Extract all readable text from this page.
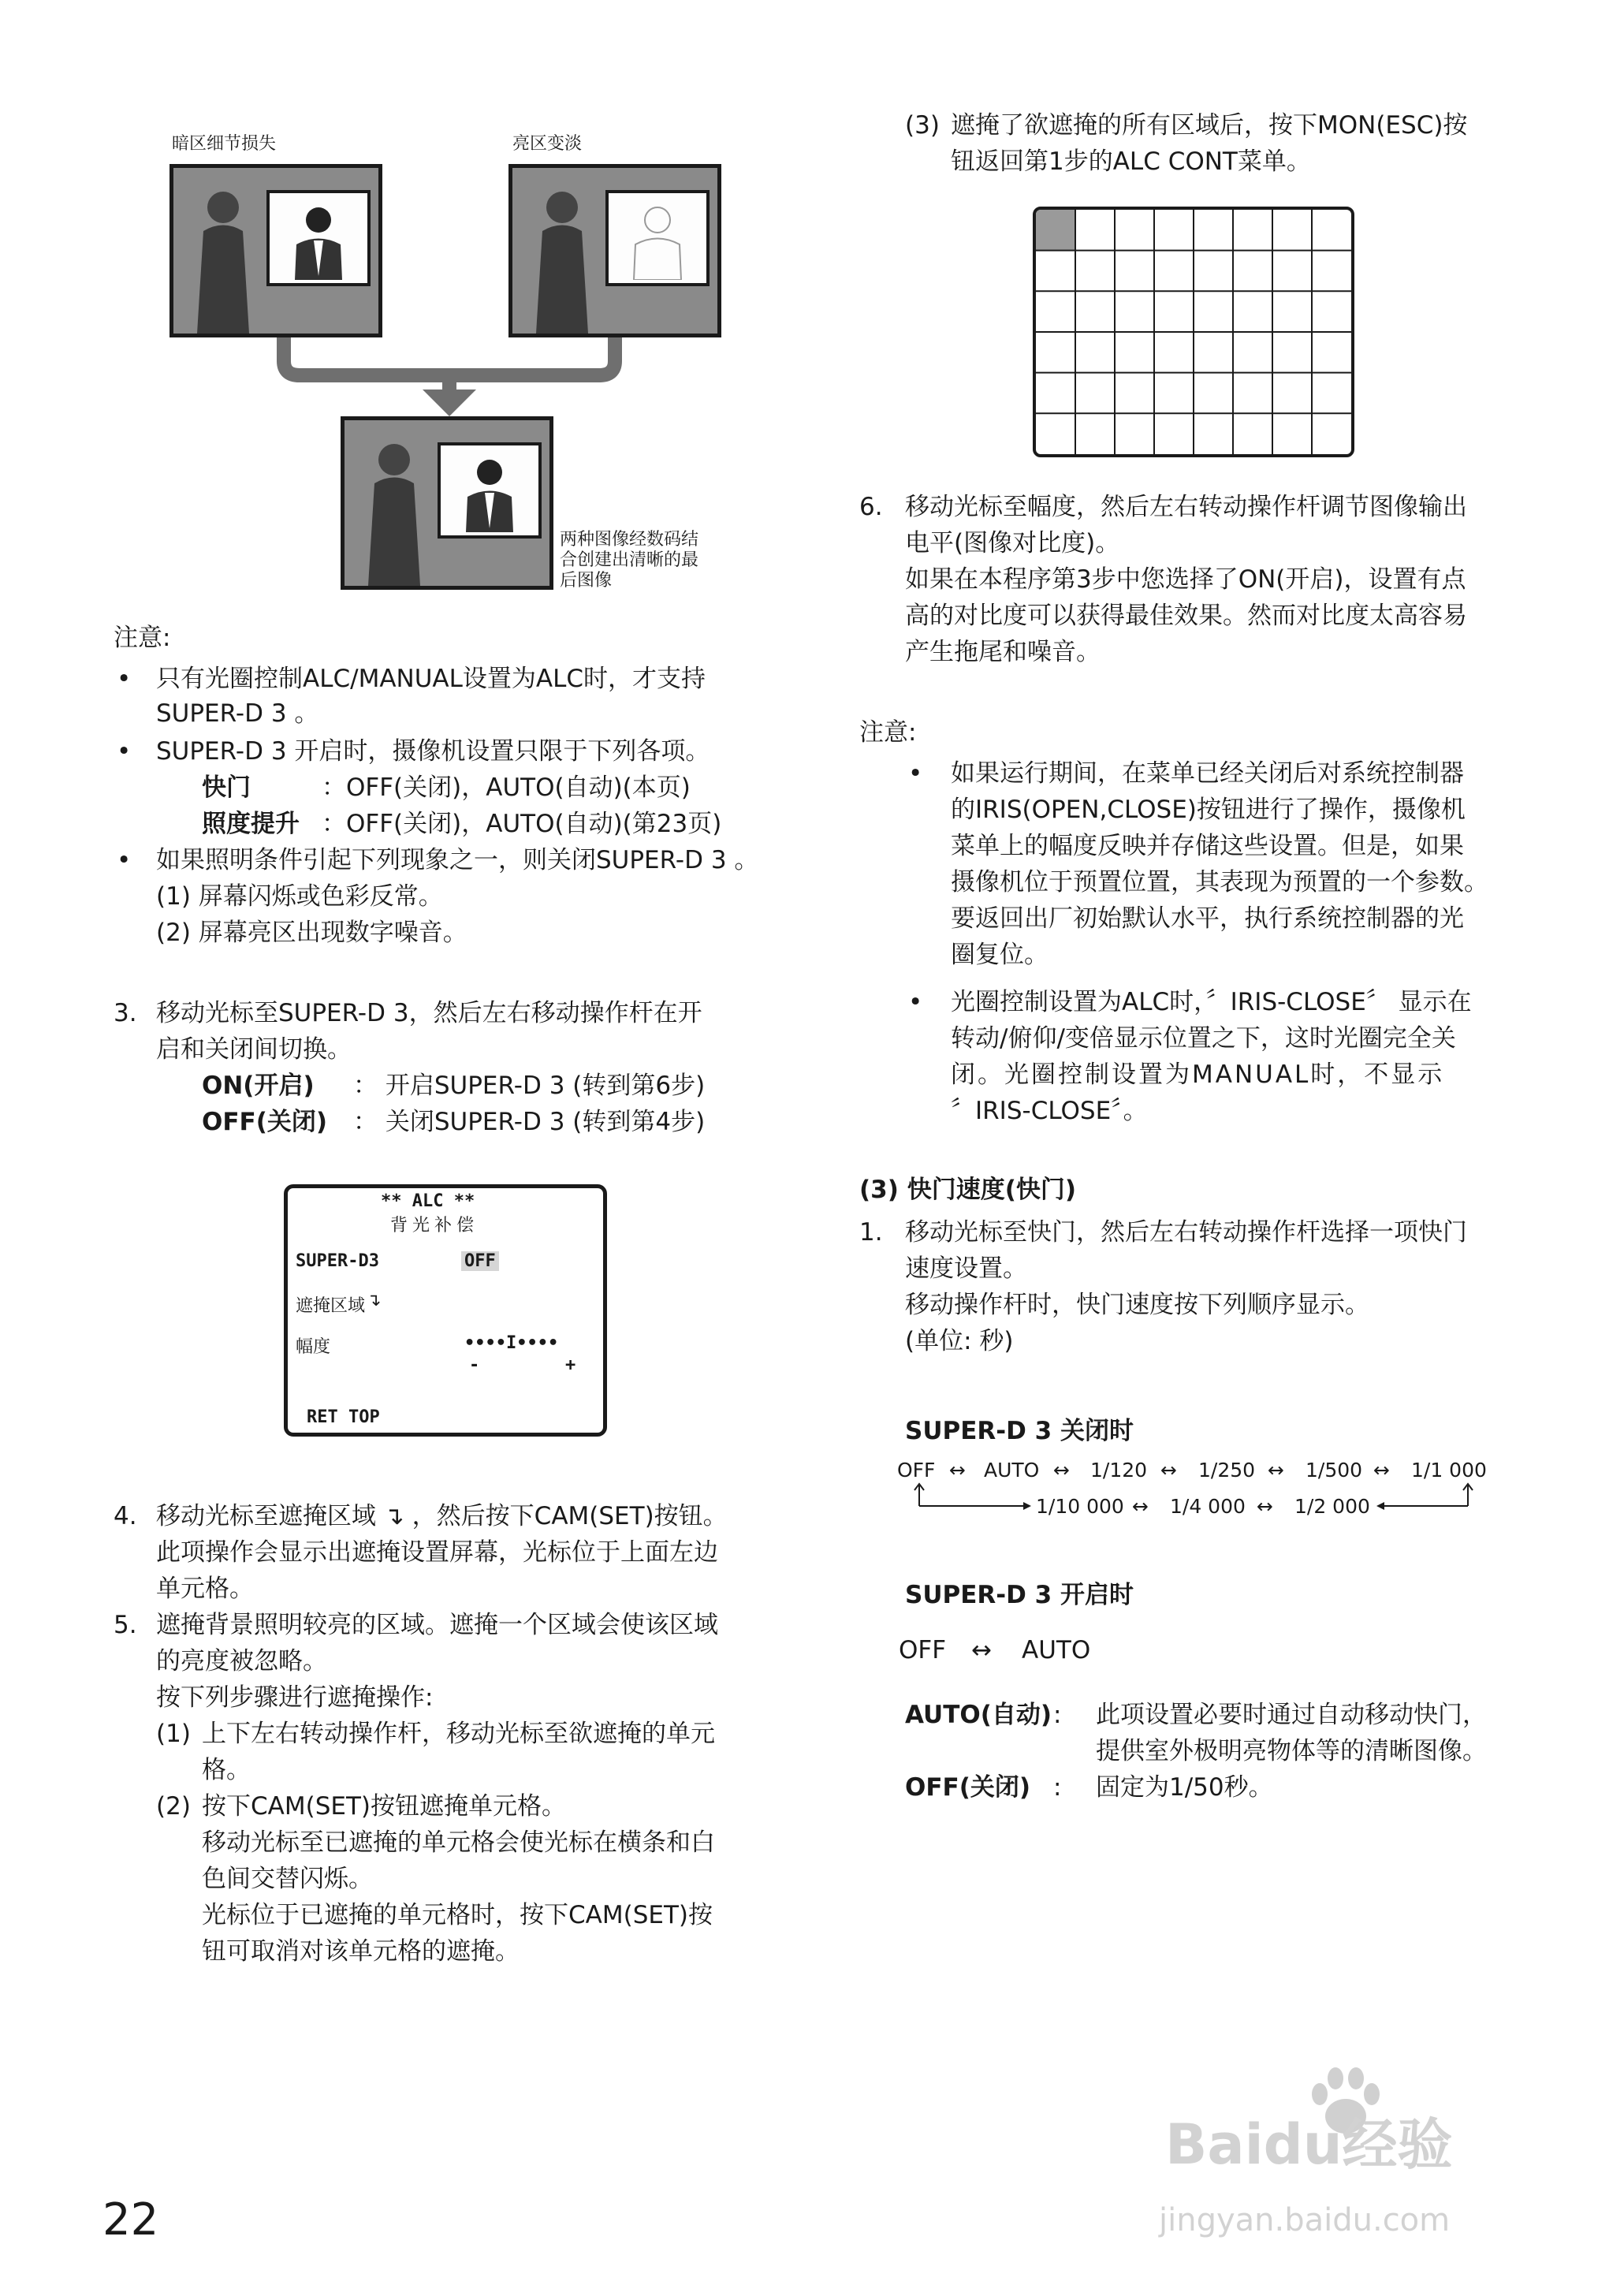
暗区细节损失	亮区变淡
两种图像经数码结
合创建出清晰的最
后图像
注意:
• 只有光圈控制ALC/MANUAL设置为ALC时，才支持
SUPER-D 3 。
• SUPER-D 3 开启时，摄像机设置只限于下列各项。
快门	：OFF(关闭)，AUTO(自动)(本页)
照度提升 ：OFF(关闭)，AUTO(自动)(第23页)
• 如果照明条件引起下列现象之一，则关闭SUPER-D 3 。
(1) 屏幕闪烁或色彩反常。
(2) 屏幕亮区出现数字噪音。
3. 移动光标至SUPER-D 3，然后左右移动操作杆在开
启和关闭间切换。
ON(开启) ： 开启SUPER-D 3 (转到第6步)
OFF(关闭) ： 关闭SUPER-D 3 (转到第4步)
** ALC **
背光补偿
SUPER-D3	OFF
遮掩区域 ↴
幅度	••••I••••
-	+
RET TOP
4. 移动光标至遮掩区域 ↴ ，然后按下CAM(SET)按钮。
此项操作会显示出遮掩设置屏幕，光标位于上面左边
单元格。
5. 遮掩背景照明较亮的区域。遮掩一个区域会使该区域
的亮度被忽略。
按下列步骤进行遮掩操作:
(1) 上下左右转动操作杆，移动光标至欲遮掩的单元
格。
(2) 按下CAM(SET)按钮遮掩单元格。
移动光标至已遮掩的单元格会使光标在横条和白
色间交替闪烁。
光标位于已遮掩的单元格时，按下CAM(SET)按
钮可取消对该单元格的遮掩。
(3) 遮掩了欲遮掩的所有区域后，按下MON(ESC)按
钮返回第1步的ALC CONT菜单。
6. 移动光标至幅度，然后左右转动操作杆调节图像输出
电平(图像对比度)。
如果在本程序第3步中您选择了ON(开启)，设置有点
高的对比度可以获得最佳效果。然而对比度太高容易
产生拖尾和噪音。
注意:
• 如果运行期间，在菜单已经关闭后对系统控制器
的IRIS(OPEN,CLOSE)按钮进行了操作，摄像机
菜单上的幅度反映并存储这些设置。但是，如果
摄像机位于预置位置，其表现为预置的一个参数。
要返回出厂初始默认水平，执行系统控制器的光
圈复位。
• 光圈控制设置为ALC时，〞IRIS-CLOSE〞 显示在
转动/俯仰/变倍显示位置之下，这时光圈完全关
闭。光圈控制设置为MANUAL时，不显示
〞IRIS-CLOSE〞。
(3) 快门速度(快门)
1. 移动光标至快门，然后左右转动操作杆选择一项快门
速度设置。
移动操作杆时，快门速度按下列顺序显示。
(单位: 秒)
SUPER-D 3 关闭时
OFF ↔ AUTO ↔ 1/120 ↔ 1/250 ↔ 1/500 ↔ 1/1 000
1/10 000 ↔ 1/4 000 ↔ 1/2 000
SUPER-D 3 开启时
OFF ↔ AUTO
AUTO(自动) : 此项设置必要时通过自动移动快门，
提供室外极明亮物体等的清晰图像。
OFF(关闭) : 固定为1/50秒。
22
Baidu经验
jingyan.baidu.com
